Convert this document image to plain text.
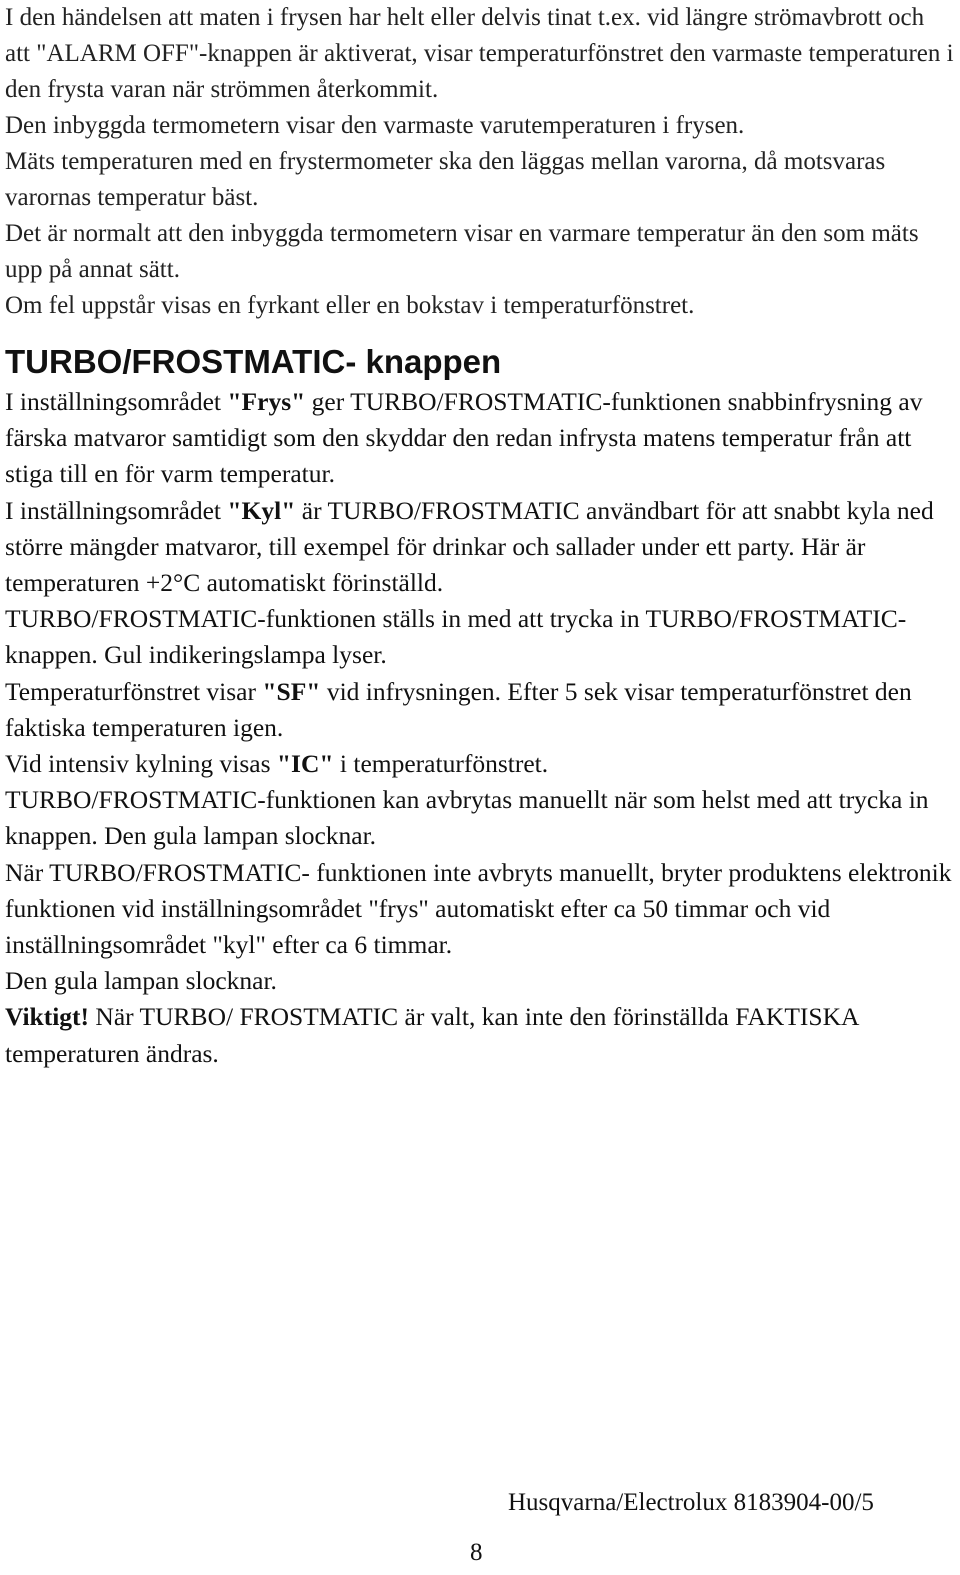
I den händelsen att maten i frysen har helt eller delvis tinat t.ex. vid längre strömavbrott och att "ALARM OFF"-knappen är aktiverat, visar temperaturfönstret den varmaste temperaturen i den frysta varan när strömmen återkommit.

Den inbyggda termometern visar den varmaste varutemperaturen i frysen.

Mäts temperaturen med en frystermometer ska den läggas mellan varorna, då motsvaras varornas temperatur bäst.

Det är normalt att den inbyggda termometern visar en varmare temperatur än den som mäts upp på annat sätt.

Om fel uppstår visas en fyrkant eller en bokstav i temperaturfönstret.

TURBO/FROSTMATIC- knappen

I inställningsområdet "Frys" ger TURBO/FROSTMATIC-funktionen snabbinfrysning av färska matvaror samtidigt som den skyddar den redan infrysta matens temperatur från att stiga till en för varm temperatur.

I inställningsområdet "Kyl" är TURBO/FROSTMATIC användbart för att snabbt kyla ned större mängder matvaror, till exempel för drinkar och sallader under ett party. Här är temperaturen +2°C automatiskt förinställd.

TURBO/FROSTMATIC-funktionen ställs in med att trycka in TURBO/FROSTMATIC-knappen. Gul indikeringslampa lyser.

Temperaturfönstret visar "SF" vid infrysningen. Efter 5 sek visar temperaturfönstret den faktiska temperaturen igen.

Vid intensiv kylning visas "IC" i temperaturfönstret.

TURBO/FROSTMATIC-funktionen kan avbrytas manuellt när som helst med att trycka in knappen. Den gula lampan slocknar.

När TURBO/FROSTMATIC- funktionen inte avbryts manuellt, bryter produktens elektronik funktionen vid inställningsområdet "frys" automatiskt efter ca 50 timmar och vid inställningsområdet "kyl" efter ca 6 timmar.

Den gula lampan slocknar.

Viktigt! När TURBO/ FROSTMATIC är valt, kan inte den förinställda FAKTISKA temperaturen ändras.

Husqvarna/Electrolux 8183904-00/5
8
